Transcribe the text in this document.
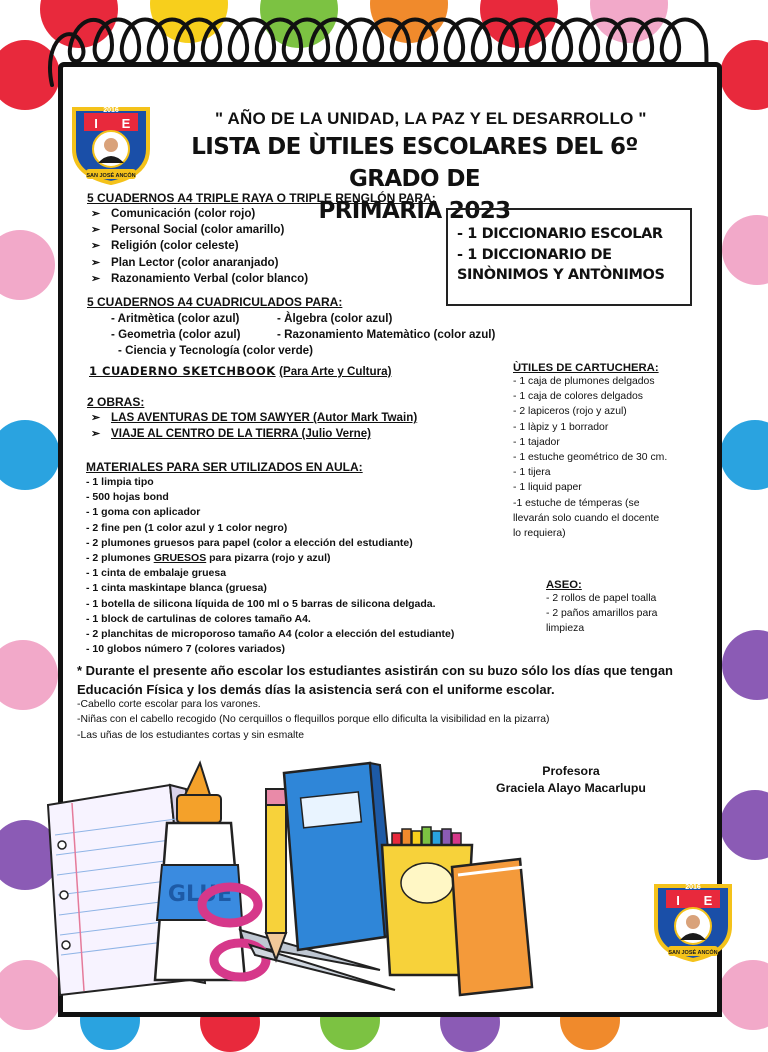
2016
I E
SAN JOSÉ ANCÓN
2016
I E
SAN JOSÉ ANCÓN
" AÑO DE LA UNIDAD, LA PAZ Y EL DESARROLLO "
LISTA DE ÙTILES ESCOLARES DEL 6º GRADO DE
PRIMARIA 2023
5 CUADERNOS A4 TRIPLE RAYA O TRIPLE RENGLÓN PARA:
➢ Comunicación (color rojo)
➢ Personal Social (color amarillo)
➢ Religión (color celeste)
➢ Plan Lector (color anaranjado)
➢ Razonamiento Verbal (color blanco)
- 1 DICCIONARIO ESCOLAR
- 1 DICCIONARIO DE
SINÒNIMOS Y ANTÒNIMOS
5 CUADERNOS A4 CUADRICULADOS PARA:
- Aritmètica (color azul)	- Àlgebra (color azul)
- Geometrìa (color azul)	- Razonamiento Matemàtico (color azul)
- Ciencia y Tecnología (color verde)
1 CUADERNO SKETCHBOOK (Para Arte y Cultura)
2 OBRAS:
➢ LAS AVENTURAS DE TOM SAWYER (Autor Mark Twain)
➢ VIAJE AL CENTRO DE LA TIERRA (Julio Verne)
MATERIALES PARA SER UTILIZADOS EN AULA:
- 1 limpia tipo
- 500 hojas bond
- 1 goma con aplicador
- 2 fine pen (1 color azul y 1 color negro)
- 2 plumones gruesos para papel (color a elección del estudiante)
- 2 plumones GRUESOS para pizarra (rojo y azul)
- 1 cinta de embalaje gruesa
- 1 cinta maskintape blanca (gruesa)
- 1 botella de silicona líquida de 100 ml o 5 barras de silicona delgada.
- 1 block de cartulinas de colores tamaño A4.
- 2 planchitas de microporoso tamaño A4 (color a elección del estudiante)
- 10 globos número 7 (colores variados)
ÙTILES DE CARTUCHERA:
- 1 caja de plumones delgados
- 1 caja de colores delgados
- 2 lapiceros (rojo y azul)
- 1 làpiz y 1 borrador
- 1 tajador
- 1 estuche geométrico de 30 cm.
- 1 tijera
- 1 liquid paper
-1 estuche de témperas (se
llevarán solo cuando el docente
lo requiera)
ASEO:
- 2 rollos de papel toalla
- 2 paños amarillos para
limpieza
* Durante el presente año escolar los estudiantes asistirán con su buzo sólo los días que tengan Educación Física y los demás días la asistencia será con el uniforme escolar.
-Cabello corte escolar para los varones.
-Niñas con el cabello recogido (No cerquillos o flequillos porque ello dificulta la visibilidad en la pizarra)
-Las uñas de los estudiantes cortas y sin esmalte
Profesora
Graciela Alayo Macarlupu
GLUE
